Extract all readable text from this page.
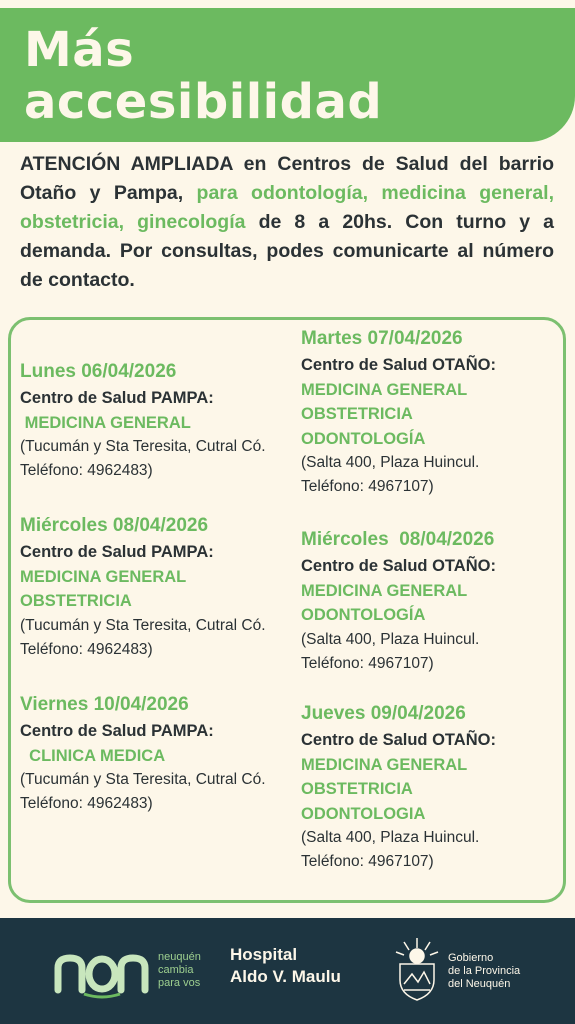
Más
accesibilidad

ATENCIÓN AMPLIADA en Centros de Salud del barrio Otaño y Pampa, para odontología, medicina general, obstetricia, ginecología de 8 a 20hs. Con turno y a demanda. Por consultas, podes comunicarte al número de contacto.

Lunes 06/04/2026
Centro de Salud PAMPA:
MEDICINA GENERAL
(Tucumán y Sta Teresita, Cutral Có.
Teléfono: 4962483)
Miércoles 08/04/2026
Centro de Salud PAMPA:
MEDICINA GENERAL
OBSTETRICIA
(Tucumán y Sta Teresita, Cutral Có.
Teléfono: 4962483)
Viernes 10/04/2026
Centro de Salud PAMPA:
CLINICA MEDICA
(Tucumán y Sta Teresita, Cutral Có.
Teléfono: 4962483)
Martes 07/04/2026
Centro de Salud OTAÑO:
MEDICINA GENERAL
OBSTETRICIA
ODONTOLOGÍA
(Salta 400, Plaza Huincul.
Teléfono: 4967107)
Miércoles  08/04/2026
Centro de Salud OTAÑO:
MEDICINA GENERAL
ODONTOLOGÍA
(Salta 400, Plaza Huincul.
Teléfono: 4967107)
Jueves 09/04/2026
Centro de Salud OTAÑO:
MEDICINA GENERAL
OBSTETRICIA
ODONTOLOGIA
(Salta 400, Plaza Huincul.
Teléfono: 4967107)
neuquén
cambia
para vos
Hospital
Aldo V. Maulu
Gobierno
de la Provincia
del Neuquén
